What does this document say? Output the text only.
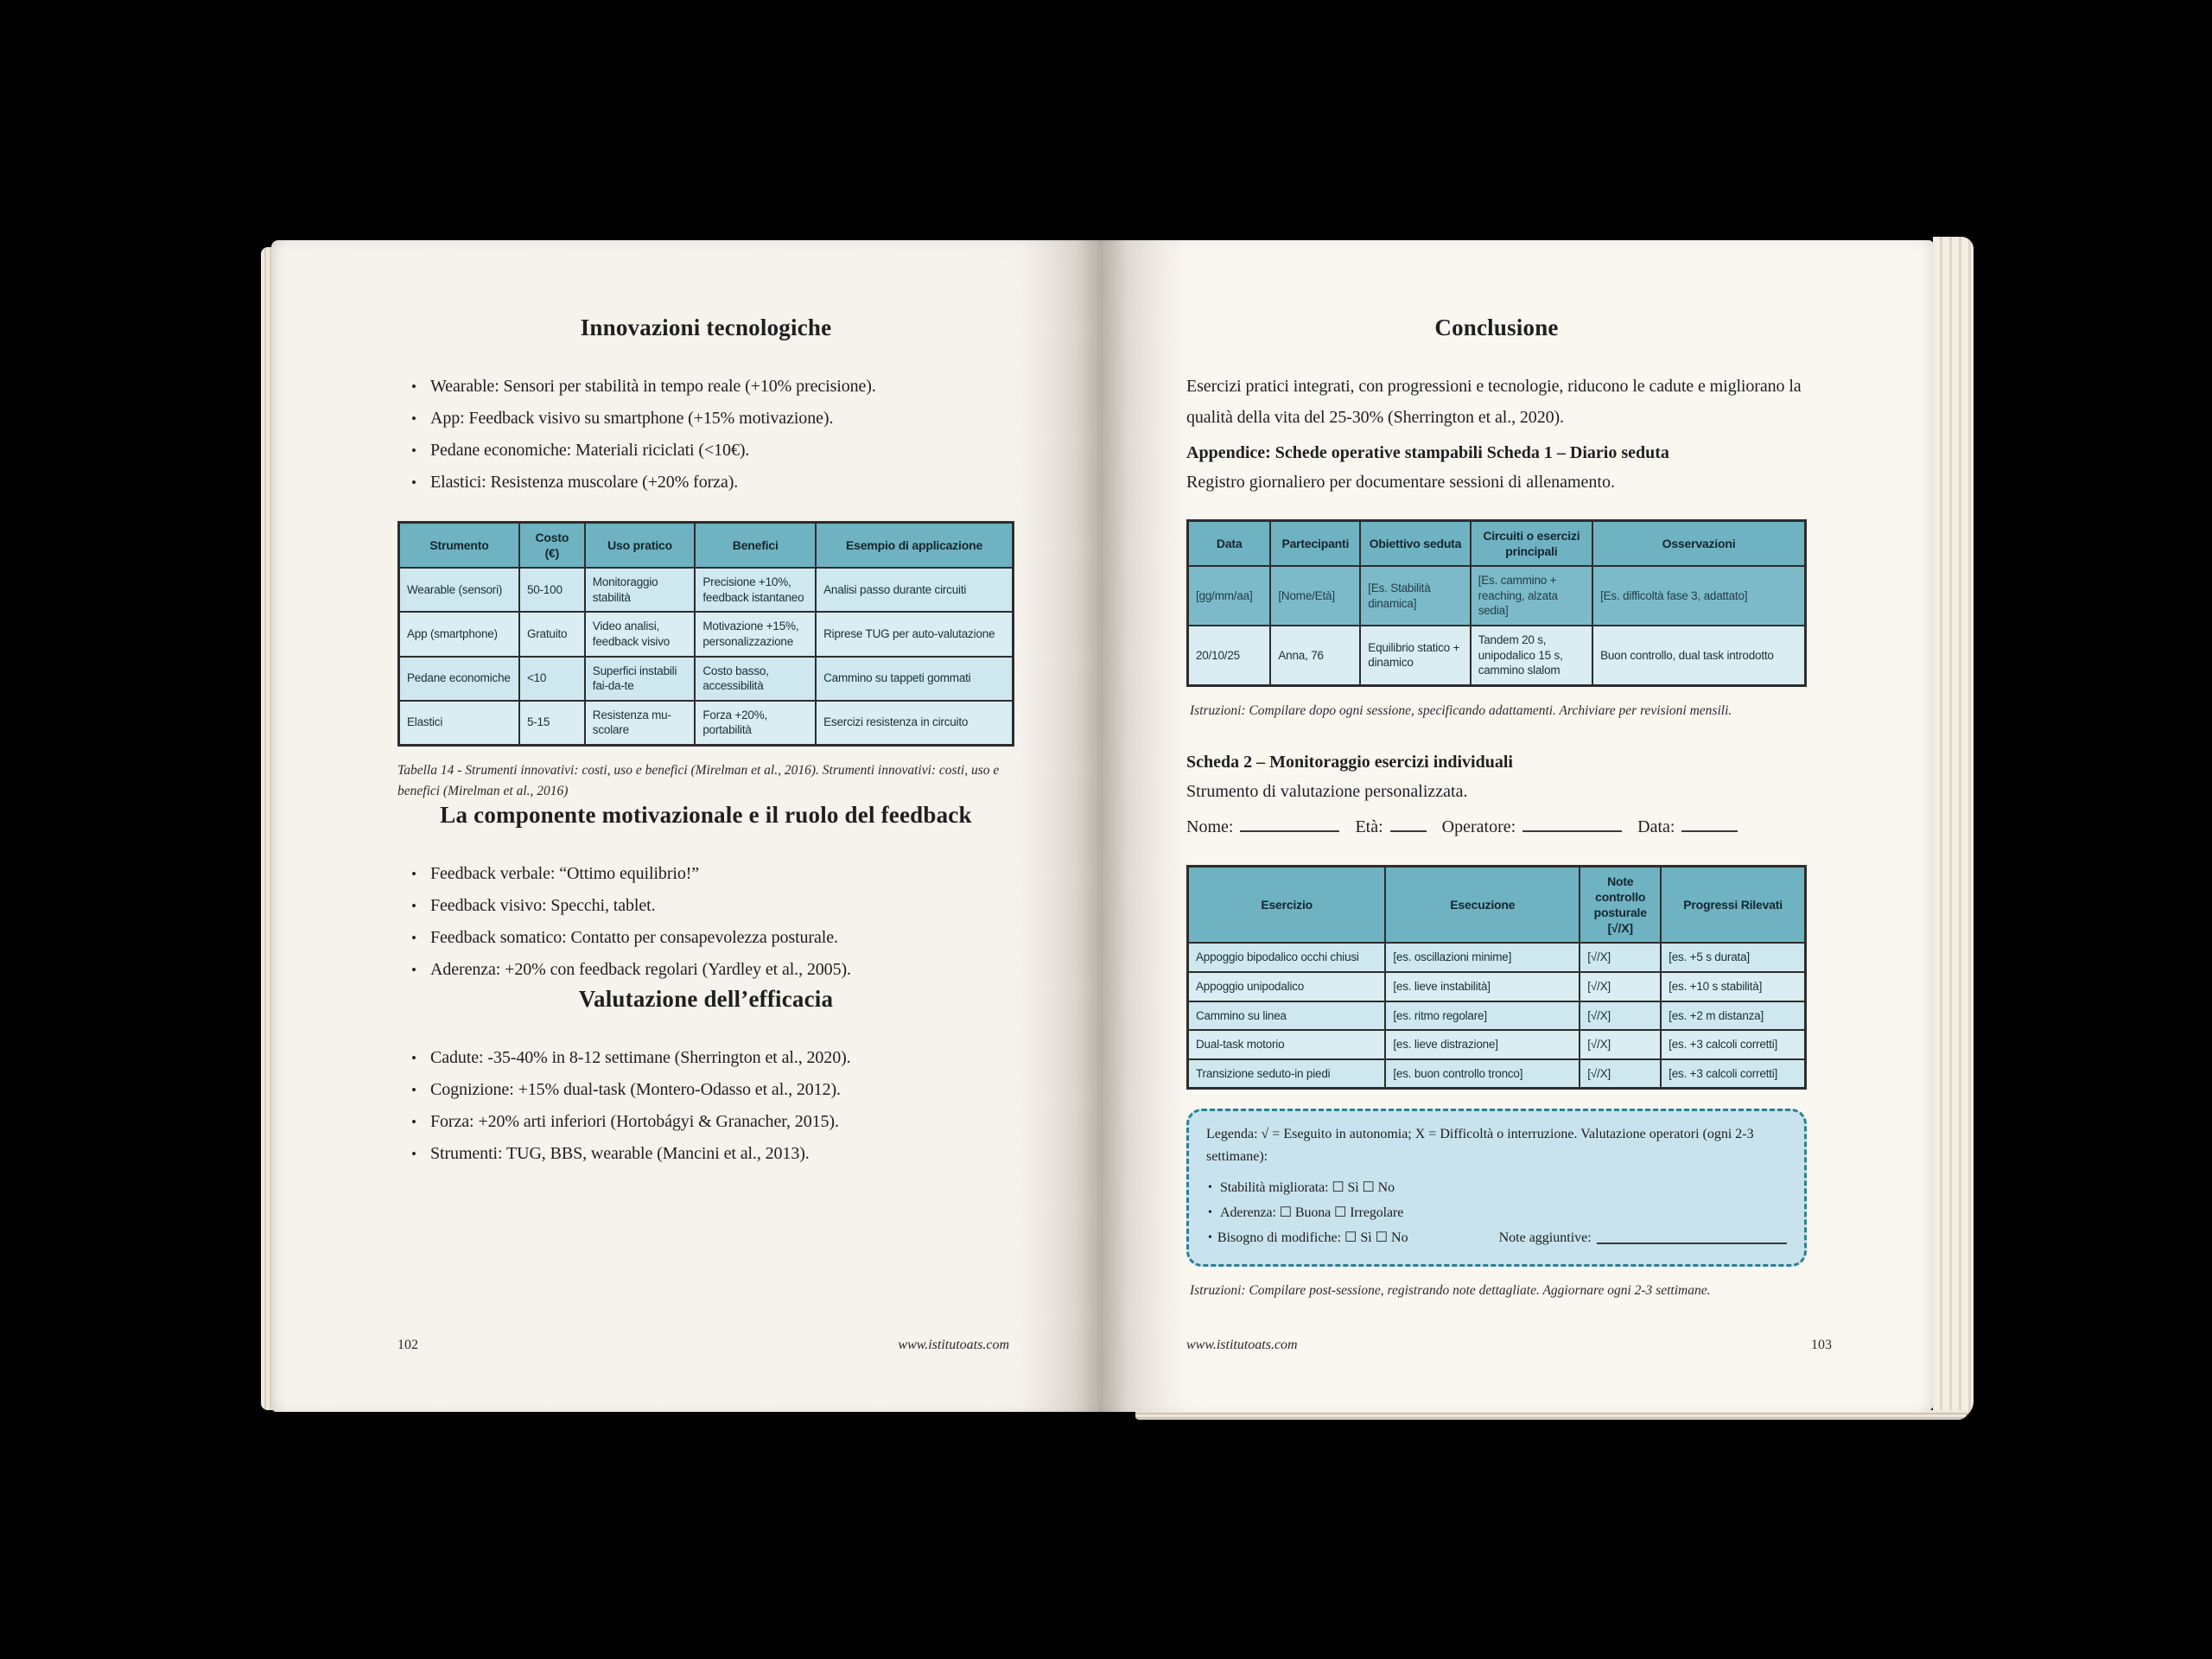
Innovazioni tecnologiche
• Wearable: Sensori per stabilità in tempo reale (+10% precisione).
• App: Feedback visivo su smartphone (+15% motivazione).
• Pedane economiche: Materiali riciclati (<10€).
• Elastici: Resistenza muscolare (+20% forza).
Strumento	Costo (€)	Uso pratico	Benefici	Esempio di applicazione
Wearable (sensori)	50-100	Monitoraggio stabilità	Precisione +10%, feedback istantaneo	Analisi passo durante circuiti
App (smartphone)	Gratuito	Video analisi, feedback visivo	Motivazione +15%, personalizzazione	Riprese TUG per auto-valutazione
Pedane economiche	<10	Superfici instabili fai-da-te	Costo basso, accessibilità	Cammino su tappeti gommati
Elastici	5-15	Resistenza mu-scolare	Forza +20%, portabilità	Esercizi resistenza in circuito

Tabella 14 - Strumenti innovativi: costi, uso e benefici (Mirelman et al., 2016). Strumenti innovativi: costi, uso e benefici (Mirelman et al., 2016)

La componente motivazionale e il ruolo del feedback
• Feedback verbale: “Ottimo equilibrio!”
• Feedback visivo: Specchi, tablet.
• Feedback somatico: Contatto per consapevolezza posturale.
• Aderenza: +20% con feedback regolari (Yardley et al., 2005).
Valutazione dell’efficacia
• Cadute: -35-40% in 8-12 settimane (Sherrington et al., 2020).
• Cognizione: +15% dual-task (Montero-Odasso et al., 2012).
• Forza: +20% arti inferiori (Hortobágyi & Granacher, 2015).
• Strumenti: TUG, BBS, wearable (Mancini et al., 2013).
102	www.istitutoats.com
Conclusione

Esercizi pratici integrati, con progressioni e tecnologie, riducono le cadute e migliorano la qualità della vita del 25-30% (Sherrington et al., 2020).

Appendice: Schede operative stampabili Scheda 1 – Diario seduta

Registro giornaliero per documentare sessioni di allenamento.

Data	Partecipanti	Obiettivo seduta	Circuiti o esercizi principali	Osservazioni
[gg/mm/aa]	[Nome/Età]	[Es. Stabilità dinamica]	[Es. cammino + reaching, alzata sedia]	[Es. difficoltà fase 3, adattato]
20/10/25	Anna, 76	Equilibrio statico + dinamico	Tandem 20 s, unipodalico 15 s, cammino slalom	Buon controllo, dual task introdotto

Istruzioni: Compilare dopo ogni sessione, specificando adattamenti. Archiviare per revisioni mensili.

Scheda 2 – Monitoraggio esercizi individuali

Strumento di valutazione personalizzata.

Nome:	Età:	Operatore:	Data:
Esercizio	Esecuzione	Note controllo posturale [√/X]	Progressi Rilevati
Appoggio bipodalico occhi chiusi	[es. oscillazioni minime]	[√/X]	[es. +5 s durata]
Appoggio unipodalico	[es. lieve instabilità]	[√/X]	[es. +10 s stabilità]
Cammino su linea	[es. ritmo regolare]	[√/X]	[es. +2 m distanza]
Dual-task motorio	[es. lieve distrazione]	[√/X]	[es. +3 calcoli corretti]
Transizione seduto-in piedi	[es. buon controllo tronco]	[√/X]	[es. +3 calcoli corretti]
Legenda: √ = Eseguito in autonomia; X = Difficoltà o interruzione. Valutazione operatori (ogni 2-3 settimane):
• Stabilità migliorata: ☐ Sì ☐ No
• Aderenza: ☐ Buona ☐ Irregolare
• Bisogno di modifiche: ☐ Sì ☐ No	Note aggiuntive:

Istruzioni: Compilare post-sessione, registrando note dettagliate. Aggiornare ogni 2-3 settimane.

www.istitutoats.com	103
